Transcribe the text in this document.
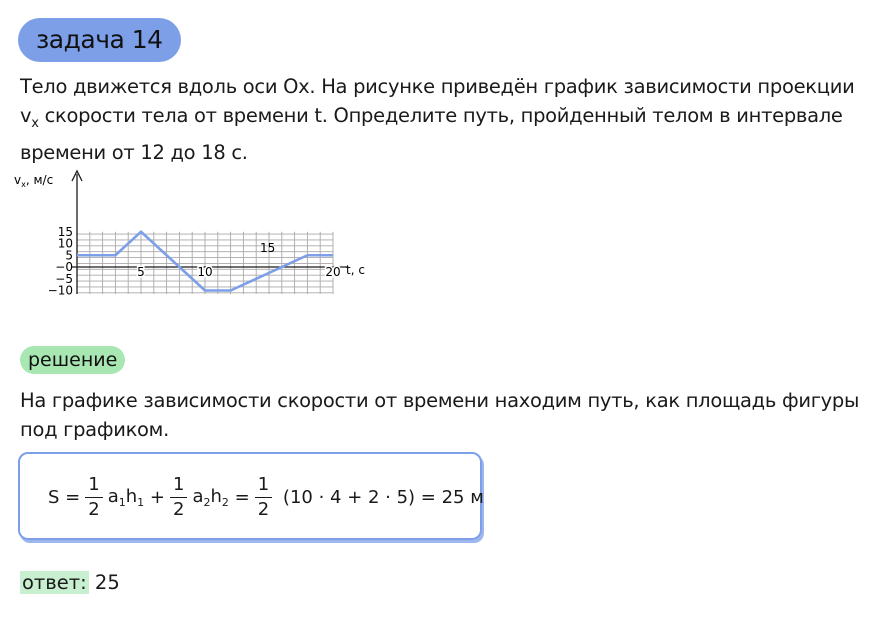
задача 14

Тело движется вдоль оси Ox. На рисунке приведён график зависимости проекции $v_x$ скорости тела от времени t. Определите путь, пройденный телом в интервале времени от 12 до 18 с.

$v_x$, м/с
15
10
5
−0
−5
−10
5	10	20 t, с
15
решение

На графике зависимости скорости от времени находим путь, как площадь фигуры под графиком.

S
= $\frac{1}{2} a_1h_1$
+ $\frac{1}{2} a_2h_2$
= $\frac{1}{2}$
(10 · 4 + 2 · 5) = 25 м
ответ: 25
